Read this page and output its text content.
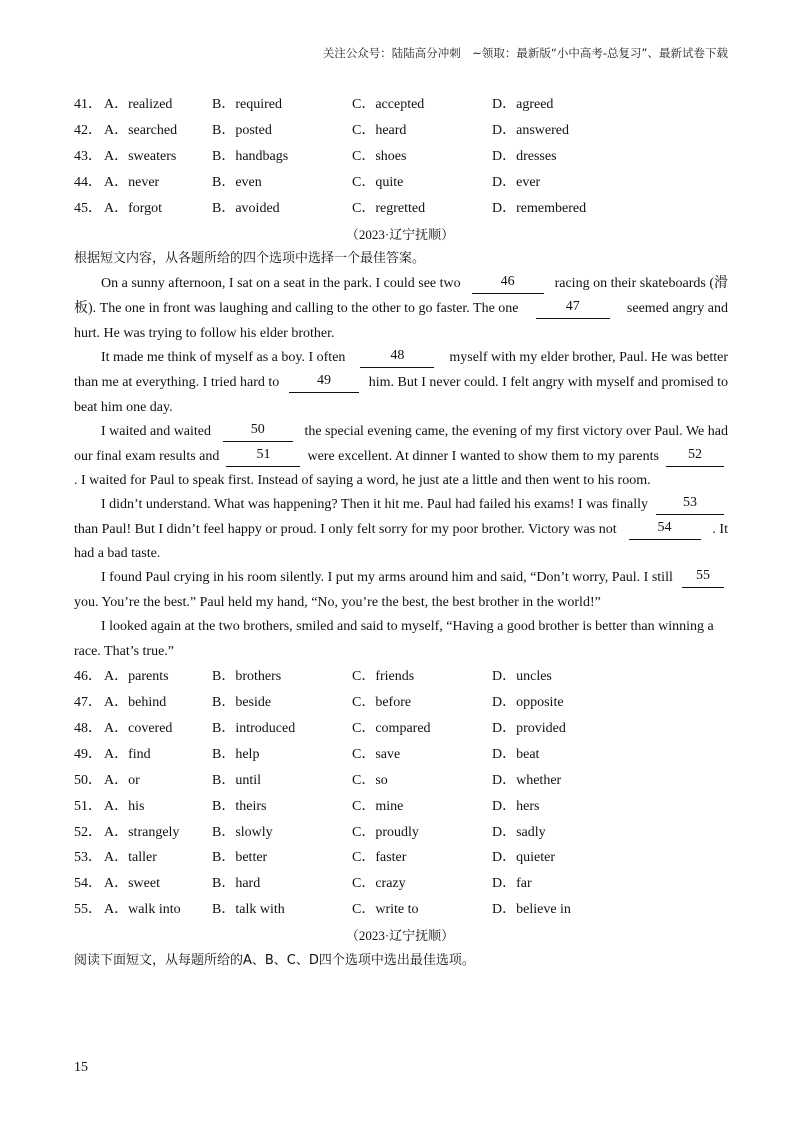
关注公众号：陆陆高分冲刺　~领取：最新版“小中高考-总复习”、最新试卷下载
41． A．realized	B．required	C．accepted	D．agreed
42． A．searched B．posted	C．heard	D．answered
43． A．sweaters	B．handbags	C．shoes	D．dresses
44． A．never	B．even	C．quite	D．ever
45． A．forgot	B．avoided	C．regretted	D．remembered
（2023·辽宁抚顺）
根据短文内容，从各题所给的四个选项中选择一个最佳答案。
On a sunny afternoon, I sat on a seat in the park. I could see two	46	racing on their skateboards (滑
板). The one in front was laughing and calling to the other to go faster. The one	47	seemed angry and
hurt. He was trying to follow his elder brother.
It made me think of myself as a boy. I often	48	myself with my elder brother, Paul. He was better
than me at everything. I tried hard to	49	him. But I never could. I felt angry with myself and promised to
beat him one day.
I waited and waited	50	the special evening came, the evening of my first victory over Paul. We had
our final exam results and	51	were excellent. At dinner I wanted to show them to my parents	52
. I waited for Paul to speak first. Instead of saying a word, he just ate a little and then went to his room.
I didn’t understand. What was happening? Then it hit me. Paul had failed his exams! I was finally	53
than Paul! But I didn’t feel happy or proud. I only felt sorry for my poor brother. Victory was not	54	. It
had a bad taste.
I found Paul crying in his room silently. I put my arms around him and said, “Don’t worry, Paul. I still	55
you. You’re the best.” Paul held my hand, “No, you’re the best, the best brother in the world!”
I looked again at the two brothers, smiled and said to myself, “Having a good brother is better than winning a
race. That’s true.”
46． A．parents	B．brothers	C．friends	D．uncles
47． A．behind	B．beside	C．before	D．opposite
48． A．covered	B．introduced	C．compared	D．provided
49． A．find	B．help	C．save	D．beat
50． A．or	B．until	C．so	D．whether
51． A．his	B．theirs	C．mine	D．hers
52． A．strangely B．slowly	C．proudly	D．sadly
53． A．taller	B．better	C．faster	D．quieter
54． A．sweet	B．hard	C．crazy	D．far
55． A．walk into B．talk with	C．write to	D．believe in
（2023·辽宁抚顺）
阅读下面短文，从每题所给的A、B、C、D四个选项中选出最佳选项。
15
